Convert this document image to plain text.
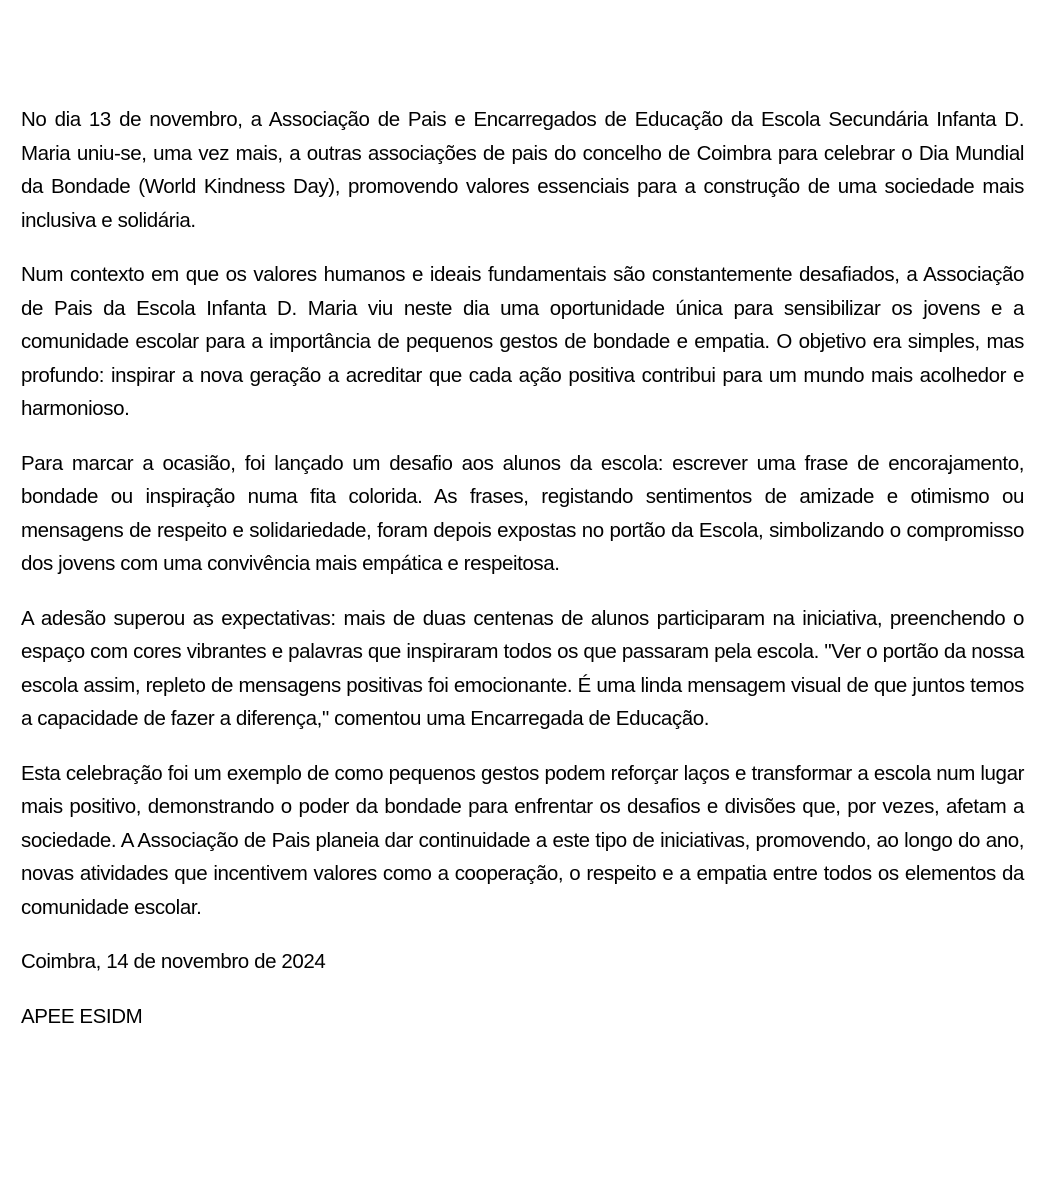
No dia 13 de novembro, a Associação de Pais e Encarregados de Educação da Escola Secundária Infanta D. Maria uniu-se, uma vez mais, a outras associações de pais do concelho de Coimbra para celebrar o Dia Mundial da Bondade (World Kindness Day), promovendo valores essenciais para a construção de uma sociedade mais inclusiva e solidária.

Num contexto em que os valores humanos e ideais fundamentais são constantemente desafiados, a Associação de Pais da Escola Infanta D. Maria viu neste dia uma oportunidade única para sensibilizar os jovens e a comunidade escolar para a importância de pequenos gestos de bondade e empatia. O objetivo era simples, mas profundo: inspirar a nova geração a acreditar que cada ação positiva contribui para um mundo mais acolhedor e harmonioso.

Para marcar a ocasião, foi lançado um desafio aos alunos da escola: escrever uma frase de encorajamento, bondade ou inspiração numa fita colorida. As frases, registando sentimentos de amizade e otimismo ou mensagens de respeito e solidariedade, foram depois expostas no portão da Escola, simbolizando o compromisso dos jovens com uma convivência mais empática e respeitosa.

A adesão superou as expectativas: mais de duas centenas de alunos participaram na iniciativa, preenchendo o espaço com cores vibrantes e palavras que inspiraram todos os que passaram pela escola. "Ver o portão da nossa escola assim, repleto de mensagens positivas foi emocionante. É uma linda mensagem visual de que juntos temos a capacidade de fazer a diferença," comentou uma Encarregada de Educação.

Esta celebração foi um exemplo de como pequenos gestos podem reforçar laços e transformar a escola num lugar mais positivo, demonstrando o poder da bondade para enfrentar os desafios e divisões que, por vezes, afetam a sociedade. A Associação de Pais planeia dar continuidade a este tipo de iniciativas, promovendo, ao longo do ano, novas atividades que incentivem valores como a cooperação, o respeito e a empatia entre todos os elementos da comunidade escolar.

Coimbra, 14 de novembro de 2024

APEE ESIDM
